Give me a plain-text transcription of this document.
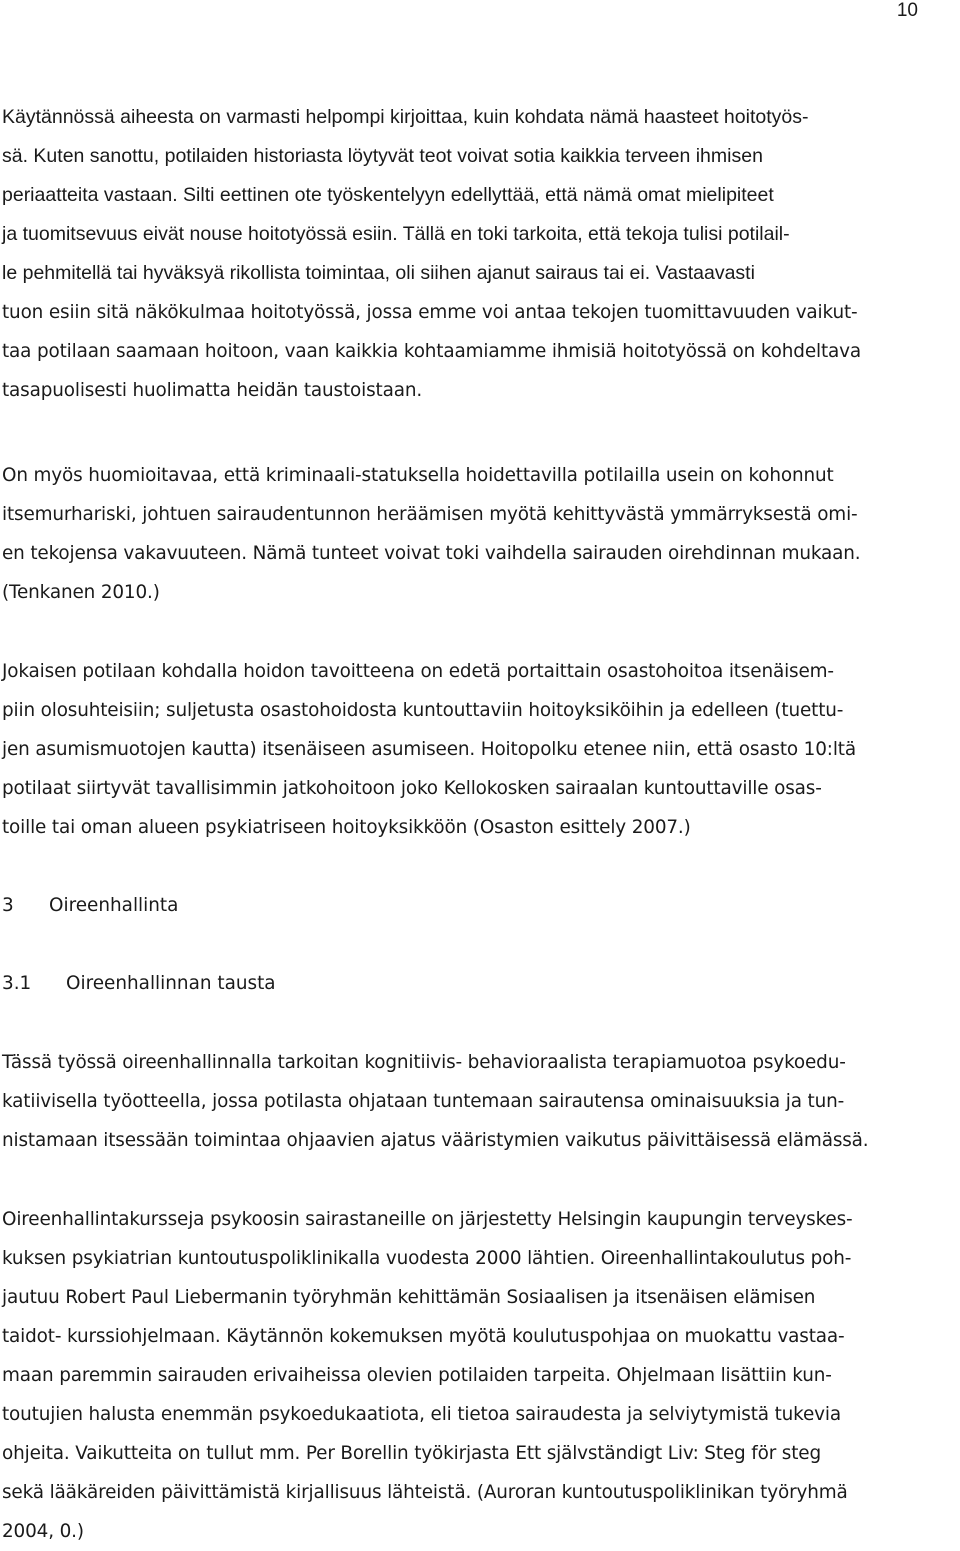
10
Käytännössä aiheesta on varmasti helpompi kirjoittaa, kuin kohdata nämä haasteet hoitotyös-
sä. Kuten sanottu, potilaiden historiasta löytyvät teot voivat sotia kaikkia terveen ihmisen
periaatteita vastaan. Silti eettinen ote työskentelyyn edellyttää, että nämä omat mielipiteet
ja tuomitsevuus eivät nouse hoitotyössä esiin. Tällä en toki tarkoita, että tekoja tulisi potilail-
le pehmitellä tai hyväksyä rikollista toimintaa, oli siihen ajanut sairaus tai ei. Vastaavasti
tuon esiin sitä näkökulmaa hoitotyössä, jossa emme voi antaa tekojen tuomittavuuden vaikut-
taa potilaan saamaan hoitoon, vaan kaikkia kohtaamiamme ihmisiä hoitotyössä on kohdeltava
tasapuolisesti huolimatta heidän taustoistaan.
On myös huomioitavaa, että kriminaali-statuksella hoidettavilla potilailla usein on kohonnut
itsemurhariski, johtuen sairaudentunnon heräämisen myötä kehittyvästä ymmärryksestä omi-
en tekojensa vakavuuteen. Nämä tunteet voivat toki vaihdella sairauden oirehdinnan mukaan.
(Tenkanen 2010.)
Jokaisen potilaan kohdalla hoidon tavoitteena on edetä portaittain osastohoitoa itsenäisem-
piin olosuhteisiin; suljetusta osastohoidosta kuntouttaviin hoitoyksiköihin ja edelleen (tuettu-
jen asumismuotojen kautta) itsenäiseen asumiseen. Hoitopolku etenee niin, että osasto 10:ltä
potilaat siirtyvät tavallisimmin jatkohoitoon joko Kellokosken sairaalan kuntouttaville osas-
toille tai oman alueen psykiatriseen hoitoyksikköön (Osaston esittely 2007.)
3 Oireenhallinta
3.1 Oireenhallinnan tausta
Tässä työssä oireenhallinnalla tarkoitan kognitiivis- behavioraalista terapiamuotoa psykoedu-
katiivisella työotteella, jossa potilasta ohjataan tuntemaan sairautensa ominaisuuksia ja tun-
nistamaan itsessään toimintaa ohjaavien ajatus vääristymien vaikutus päivittäisessä elämässä.
Oireenhallintakursseja psykoosin sairastaneille on järjestetty Helsingin kaupungin terveyskes-
kuksen psykiatrian kuntoutuspoliklinikalla vuodesta 2000 lähtien. Oireenhallintakoulutus poh-
jautuu Robert Paul Liebermanin työryhmän kehittämän Sosiaalisen ja itsenäisen elämisen
taidot- kurssiohjelmaan. Käytännön kokemuksen myötä koulutuspohjaa on muokattu vastaa-
maan paremmin sairauden erivaiheissa olevien potilaiden tarpeita. Ohjelmaan lisättiin kun-
toutujien halusta enemmän psykoedukaatiota, eli tietoa sairaudesta ja selviytymistä tukevia
ohjeita. Vaikutteita on tullut mm. Per Borellin työkirjasta Ett självständigt Liv: Steg för steg
sekä lääkäreiden päivittämistä kirjallisuus lähteistä. (Auroran kuntoutuspoliklinikan työryhmä
2004, 0.)
